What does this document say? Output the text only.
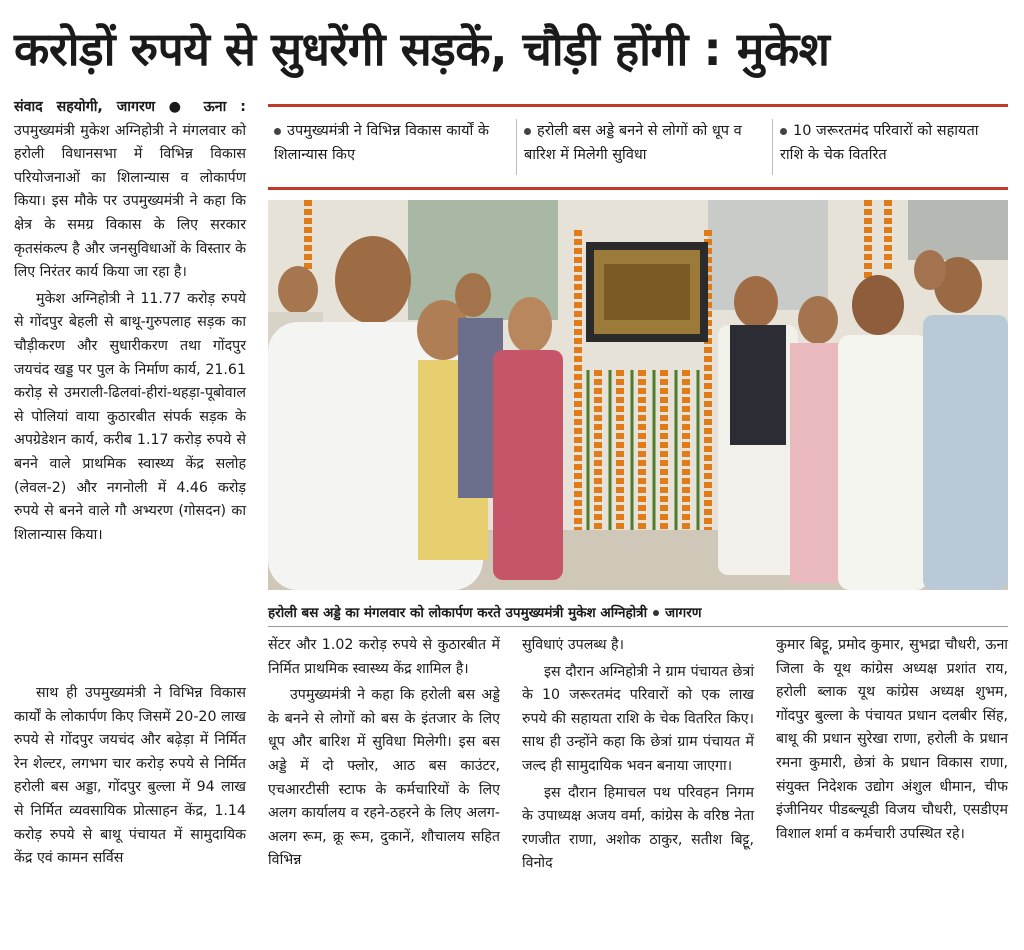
करोड़ों रुपये से सुधरेंगी सड़कें, चौड़ी होंगी : मुकेश

संवाद सहयोगी, जागरण ● ऊना : उपमुख्यमंत्री मुकेश अग्निहोत्री ने मंगलवार को हरोली विधानसभा में विभिन्न विकास परियोजनाओं का शिलान्यास व लोकार्पण किया। इस मौके पर उपमुख्यमंत्री ने कहा कि क्षेत्र के समग्र विकास के लिए सरकार कृतसंकल्प है और जनसुविधाओं के विस्तार के लिए निरंतर कार्य किया जा रहा है।

मुकेश अग्निहोत्री ने 11.77 करोड़ रुपये से गोंदपुर बेहली से बाथू-गुरुपलाह सड़क का चौड़ीकरण और सुधारीकरण तथा गोंदपुर जयचंद खड्ड पर पुल के निर्माण कार्य, 21.61 करोड़ से उमराली-ढिलवां-हीरां-थहड़ा-पूबोवाल से पोलियां वाया कुठारबीत संपर्क सड़क के अपग्रेडेशन कार्य, करीब 1.17 करोड़ रुपये से बनने वाले प्राथमिक स्वास्थ्य केंद्र सलोह (लेवल-2) और नगनोली में 4.46 करोड़ रुपये से बनने वाले गौ अभ्यरण (गोसदन) का शिलान्यास किया।

साथ ही उपमुख्यमंत्री ने विभिन्न विकास कार्यों के लोकार्पण किए जिसमें 20-20 लाख रुपये से गोंदपुर जयचंद और बढ़ेड़ा में निर्मित रेन शेल्टर, लगभग चार करोड़ रुपये से निर्मित हरोली बस अड्डा, गोंदपुर बुल्ला में 94 लाख से निर्मित व्यवसायिक प्रोत्साहन केंद्र, 1.14 करोड़ रुपये से बाथू पंचायत में सामुदायिक केंद्र एवं कामन सर्विस

उपमुख्यमंत्री ने विभिन्न विकास कार्यों के शिलान्यास किए
हरोली बस अड्डे बनने से लोगों को धूप व बारिश में मिलेगी सुविधा
10 जरूरतमंद परिवारों को सहायता राशि के चेक वितरित
हरोली बस अड्डे का मंगलवार को लोकार्पण करते उपमुख्यमंत्री मुकेश अग्निहोत्री जागरण

सेंटर और 1.02 करोड़ रुपये से कुठारबीत में निर्मित प्राथमिक स्वास्थ्य केंद्र शामिल है।

उपमुख्यमंत्री ने कहा कि हरोली बस अड्डे के बनने से लोगों को बस के इंतजार के लिए धूप और बारिश में सुविधा मिलेगी। इस बस अड्डे में दो फ्लोर, आठ बस काउंटर, एचआरटीसी स्टाफ के कर्मचारियों के लिए अलग कार्यालय व रहने-ठहरने के लिए अलग-अलग रूम, क्रू रूम, दुकानें, शौचालय सहित विभिन्न

सुविधाएं उपलब्ध है।

इस दौरान अग्निहोत्री ने ग्राम पंचायत छेत्रां के 10 जरूरतमंद परिवारों को एक लाख रुपये की सहायता राशि के चेक वितरित किए। साथ ही उन्होंने कहा कि छेत्रां ग्राम पंचायत में जल्द ही सामुदायिक भवन बनाया जाएगा।

इस दौरान हिमाचल पथ परिवहन निगम के उपाध्यक्ष अजय वर्मा, कांग्रेस के वरिष्ठ नेता रणजीत राणा, अशोक ठाकुर, सतीश बिट्टू, विनोद

कुमार बिट्टू, प्रमोद कुमार, सुभद्रा चौधरी, ऊना जिला के यूथ कांग्रेस अध्यक्ष प्रशांत राय, हरोली ब्लाक यूथ कांग्रेस अध्यक्ष शुभम, गोंदपुर बुल्ला के पंचायत प्रधान दलबीर सिंह, बाथू की प्रधान सुरेखा राणा, हरोली के प्रधान रमना कुमारी, छेत्रां के प्रधान विकास राणा, संयुक्त निदेशक उद्योग अंशुल धीमान, चीफ इंजीनियर पीडब्ल्यूडी विजय चौधरी, एसडीएम विशाल शर्मा व कर्मचारी उपस्थित रहे।
